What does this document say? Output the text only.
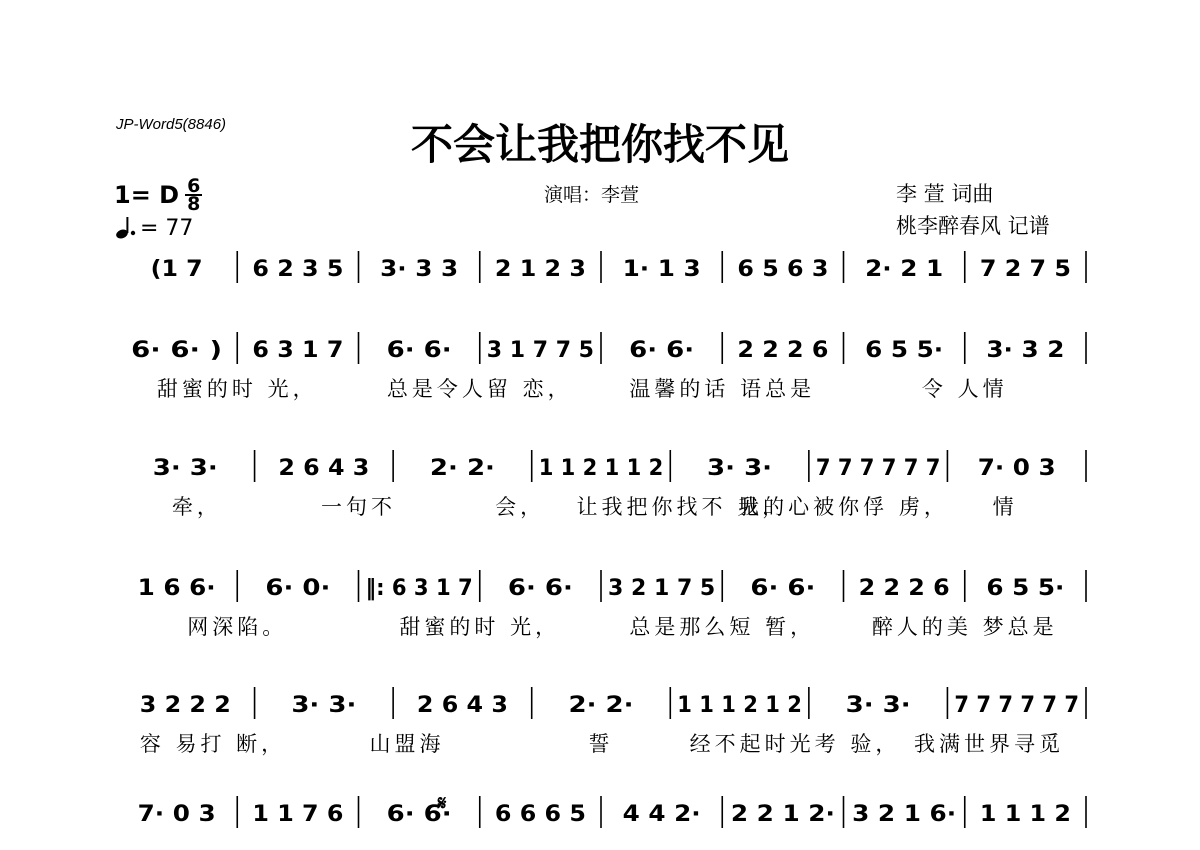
JP-Word5(8846)	不会让我把你找不见
1= D $\frac{6}{8}$
= 77
演唱：李萱	李 萱 词曲
桃李醉春风 记谱
(1 7 6 2 3 5 3· 3 3 2 1 2 3 1· 1 3 6 5 6 3 2· 2 1 7 2 7 5
6· 6· ) 6 3 1 7 6· 6· 3 1 7 7 5 6· 6· 2 2 2 6 6 5 5· 3· 3 2
甜蜜的时 光，	总是令人留 恋，	温馨的话 语总是	令 人情
3· 3·	2 6 4 3	2· 2· 1 1 2 1 1 2 3· 3· 7 7 7 7 7 7 7· 0 3
牵，	一句不	会， 让我把你找不 见，
我的心被你俘 虏， 情
1 6 6· 6· 0· ‖: 6 3 1 7 6· 6· 3 2 1 7 5 6· 6· 2 2 2 6 6 5 5·
网深陷。	甜蜜的时 光，	总是那么短 暂，	醉人的美 梦总是
3 2 2 2	3· 3·	2 6 4 3	2· 2· 1 1 1 2 1 2 3· 3· 7 7 7 7 7 7
容 易打 断，	山盟海	誓	经不起时光考 验， 我满世界寻觅
7· 0 3 1 1 7 6 6· 6· 6 6 6 5 4 4 2· 2 2 1 2· 3 2 1 6· 1 1 1 2
𝄋
